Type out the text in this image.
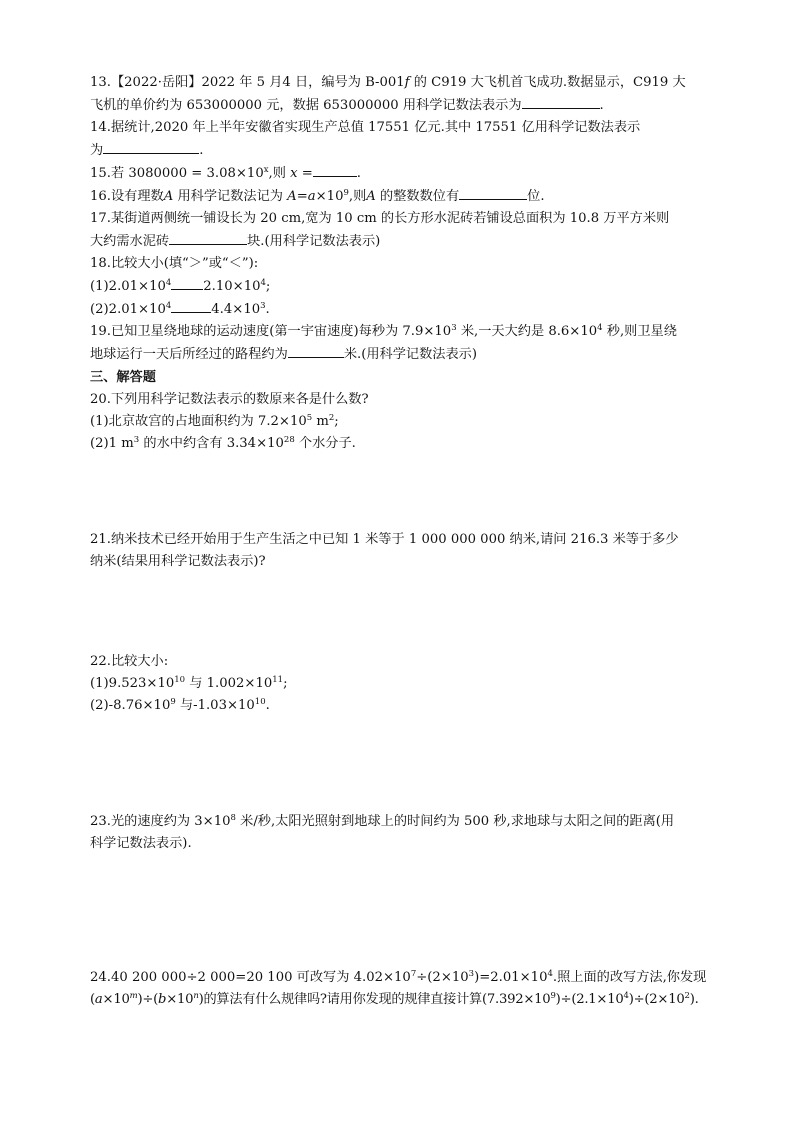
13.【2022·岳阳】2022 年 5 月4 日，编号为 B-001f 的 C919 大飞机首飞成功.数据显示，C919 大
飞机的单价约为 653000000 元，数据 653000000 用科学记数法表示为	.
14.据统计,2020 年上半年安徽省实现生产总值 17551 亿元.其中 17551 亿用科学记数法表示
为	.
15.若 $3080000 = 3.08\times 10^x$,则 x =	.
16.设有理数A 用科学记数法记为 $A=a\times 10^9$,则A 的整数数位有	位.
17.某街道两侧统一铺设长为 20 cm,宽为 10 cm 的长方形水泥砖若铺设总面积为 10.8 万平方米则
大约需水泥砖	块.(用科学记数法表示)
18.比较大小(填“＞”或“＜”):
$(1)2.01\times 10^4$ $2.10\times 10^4$;
$(2)2.01\times 10^4$	$4.4\times 10^3$.
19.已知卫星绕地球的运动速度(第一宇宙速度)每秒为 $7.9\times 10^3$ 米,一天大约是 $8.6\times 10^4$ 秒,则卫星绕
地球运行一天后所经过的路程约为	米.(用科学记数法表示)
三、解答题
20.下列用科学记数法表示的数原来各是什么数?
(1)北京故宫的占地面积约为 $7.2\times 10^5$ $m^2$;
(2)1 $m^3$ 的水中约含有 $3.34\times 10^{28}$ 个水分子.
21.纳米技术已经开始用于生产生活之中已知 1 米等于 1 000 000 000 纳米,请问 216.3 米等于多少
纳米(结果用科学记数法表示)?
22.比较大小:
$(1)9.523\times 10^{10}$ 与 $1.002\times 10^{11}$;
$(2)-8.76\times 10^9$ 与$-1.03\times 10^{10}$.
23.光的速度约为 $3\times 10^8$ 米/秒,太阳光照射到地球上的时间约为 500 秒,求地球与太阳之间的距离(用
科学记数法表示).
24.40 200 000÷2 000=20 100 可改写为 $4.02\times 10^7\div(2\times 10^3)=2.01\times 10^4$.照上面的改写方法,你发现
$(a\times 10^m)\div(b\times 10^n)$的算法有什么规律吗?请用你发现的规律直接计算$(7.392\times 10^9)\div(2.1\times 10^4)\div(2\times 10^2)$.
